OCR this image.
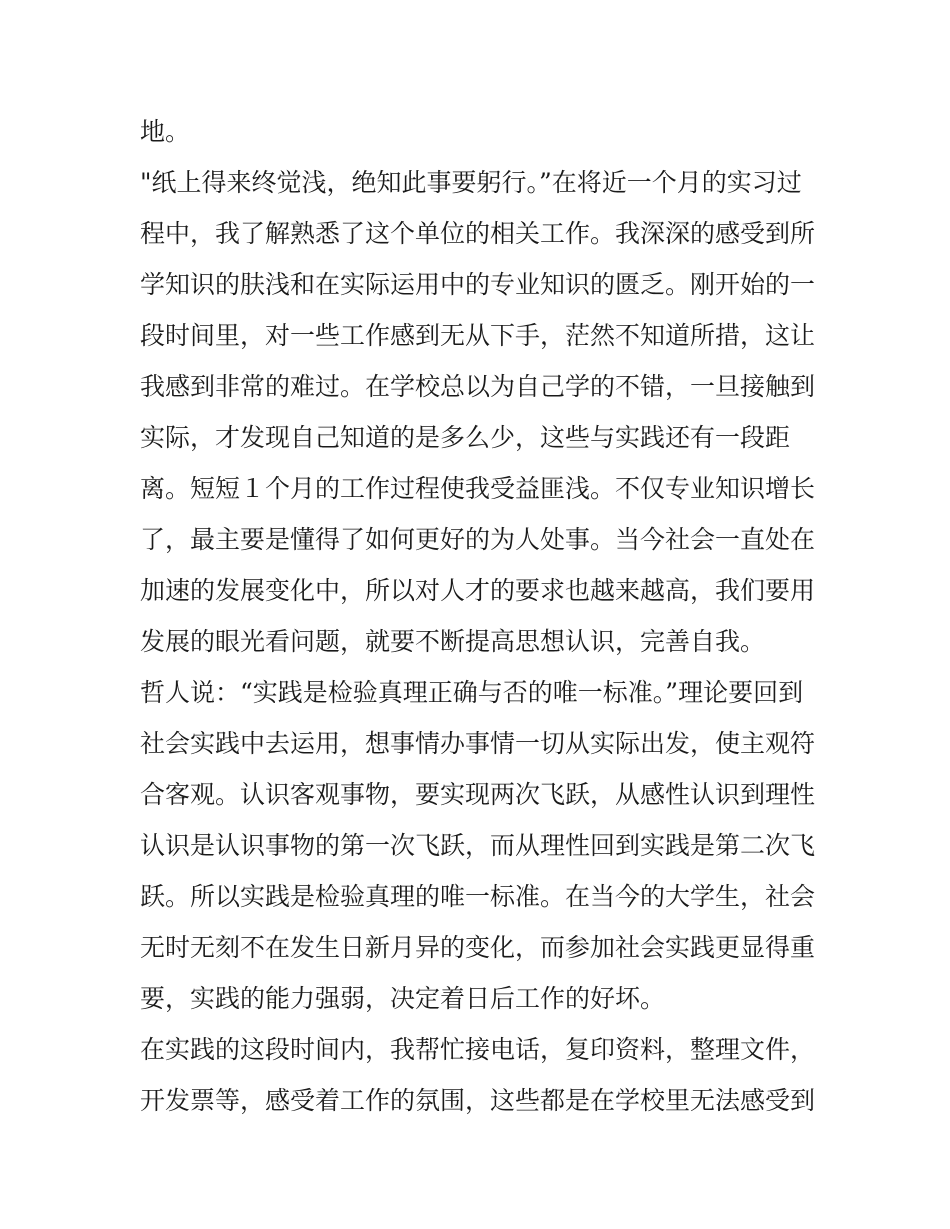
地。
"纸上得来终觉浅，绝知此事要躬行。”在将近一个月的实习过
程中，我了解熟悉了这个单位的相关工作。我深深的感受到所
学知识的肤浅和在实际运用中的专业知识的匮乏。刚开始的一
段时间里，对一些工作感到无从下手，茫然不知道所措，这让
我感到非常的难过。在学校总以为自己学的不错，一旦接触到
实际，才发现自己知道的是多么少，这些与实践还有一段距
离。短短１个月的工作过程使我受益匪浅。不仅专业知识增长
了，最主要是懂得了如何更好的为人处事。当今社会一直处在
加速的发展变化中，所以对人才的要求也越来越高，我们要用
发展的眼光看问题，就要不断提高思想认识，完善自我。
哲人说：“实践是检验真理正确与否的唯一标准。”理论要回到
社会实践中去运用，想事情办事情一切从实际出发，使主观符
合客观。认识客观事物，要实现两次飞跃，从感性认识到理性
认识是认识事物的第一次飞跃，而从理性回到实践是第二次飞
跃。所以实践是检验真理的唯一标准。在当今的大学生，社会
无时无刻不在发生日新月异的变化，而参加社会实践更显得重
要，实践的能力强弱，决定着日后工作的好坏。
在实践的这段时间内，我帮忙接电话，复印资料，整理文件，
开发票等，感受着工作的氛围，这些都是在学校里无法感受到
